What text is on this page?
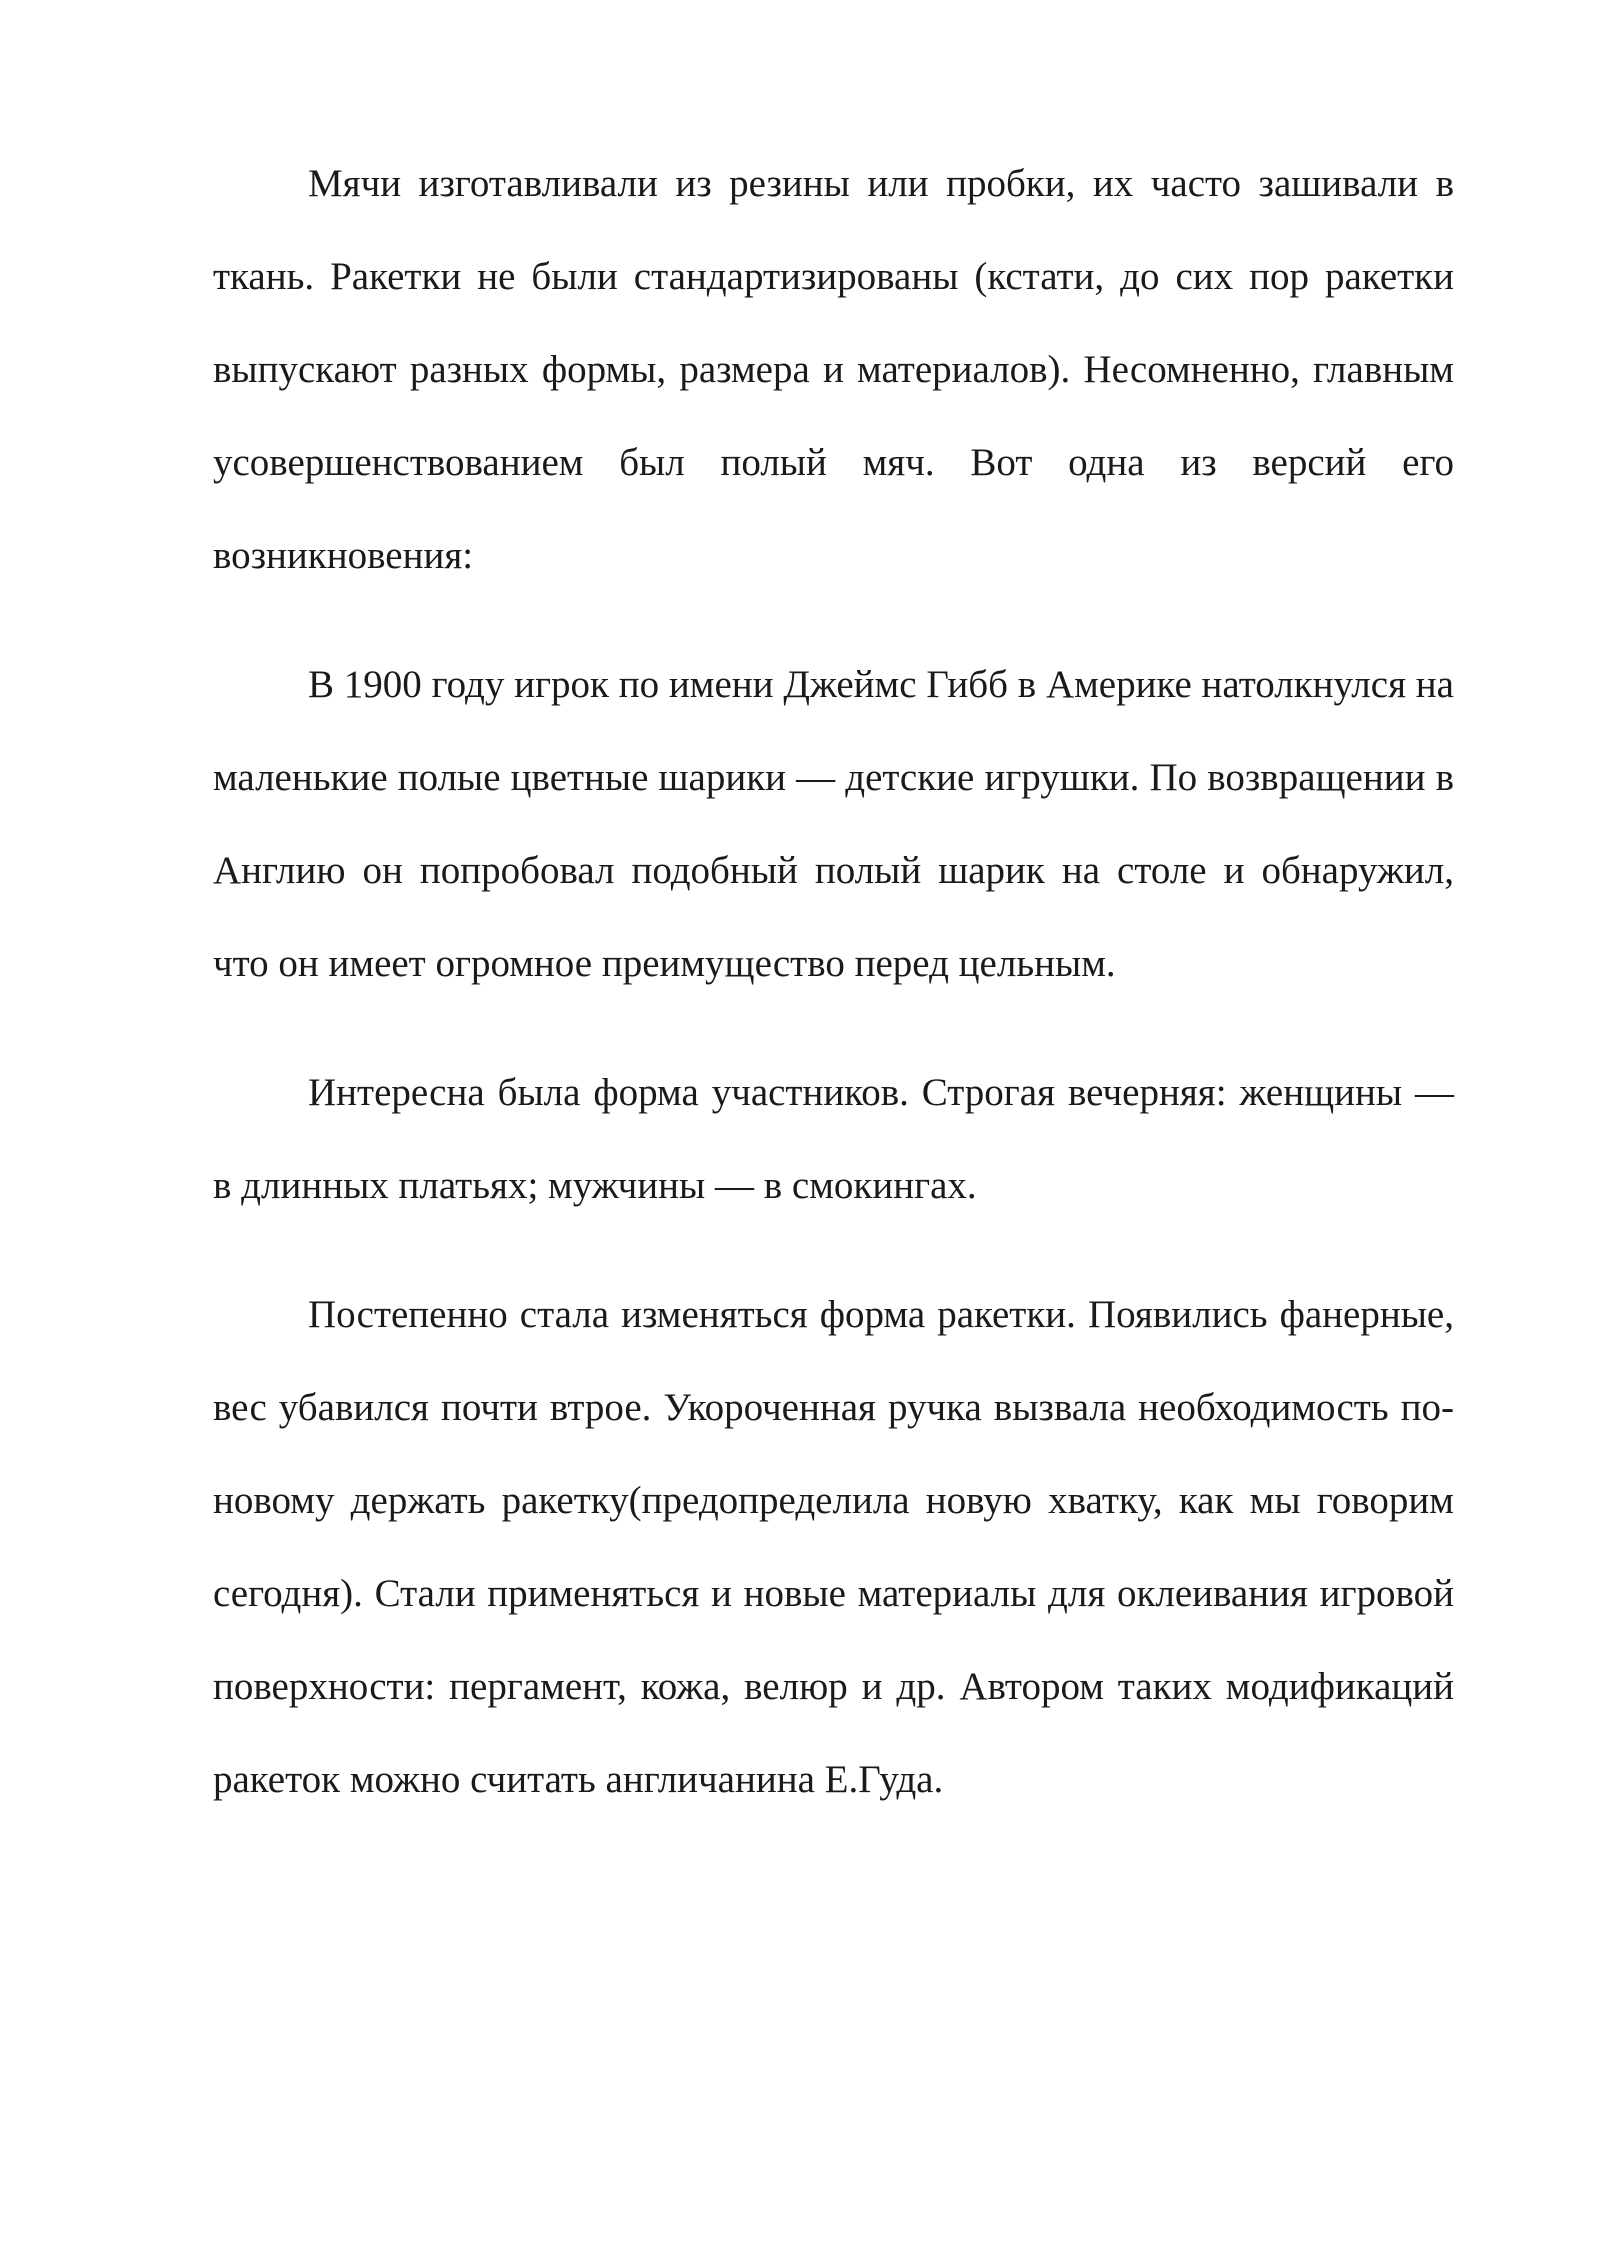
Мячи изготавливали из резины или пробки, их часто зашивали в ткань. Ракетки не были стандартизированы (кстати, до сих пор ракетки выпускают разных формы, размера и материалов). Несомненно, главным усовершенствованием был полый мяч. Вот одна из версий его возникновения:

В 1900 году игрок по имени Джеймс Гибб в Америке натолкнулся на маленькие полые цветные шарики — детские игрушки. По возвращении в Англию он попробовал подобный полый шарик на столе и обнаружил, что он имеет огромное преимущество перед цельным.

Интересна была форма участников. Строгая вечерняя: женщины — в длинных платьях; мужчины — в смокингах.

Постепенно стала изменяться форма ракетки. Появились фанерные, вес убавился почти втрое. Укороченная ручка вызвала необходимость по-новому держать ракетку(предопределила новую хватку, как мы говорим сегодня). Стали применяться и новые материалы для оклеивания игровой поверхности: пергамент, кожа, велюр и др. Автором таких модификаций ракеток можно считать англичанина Е.Гуда.
